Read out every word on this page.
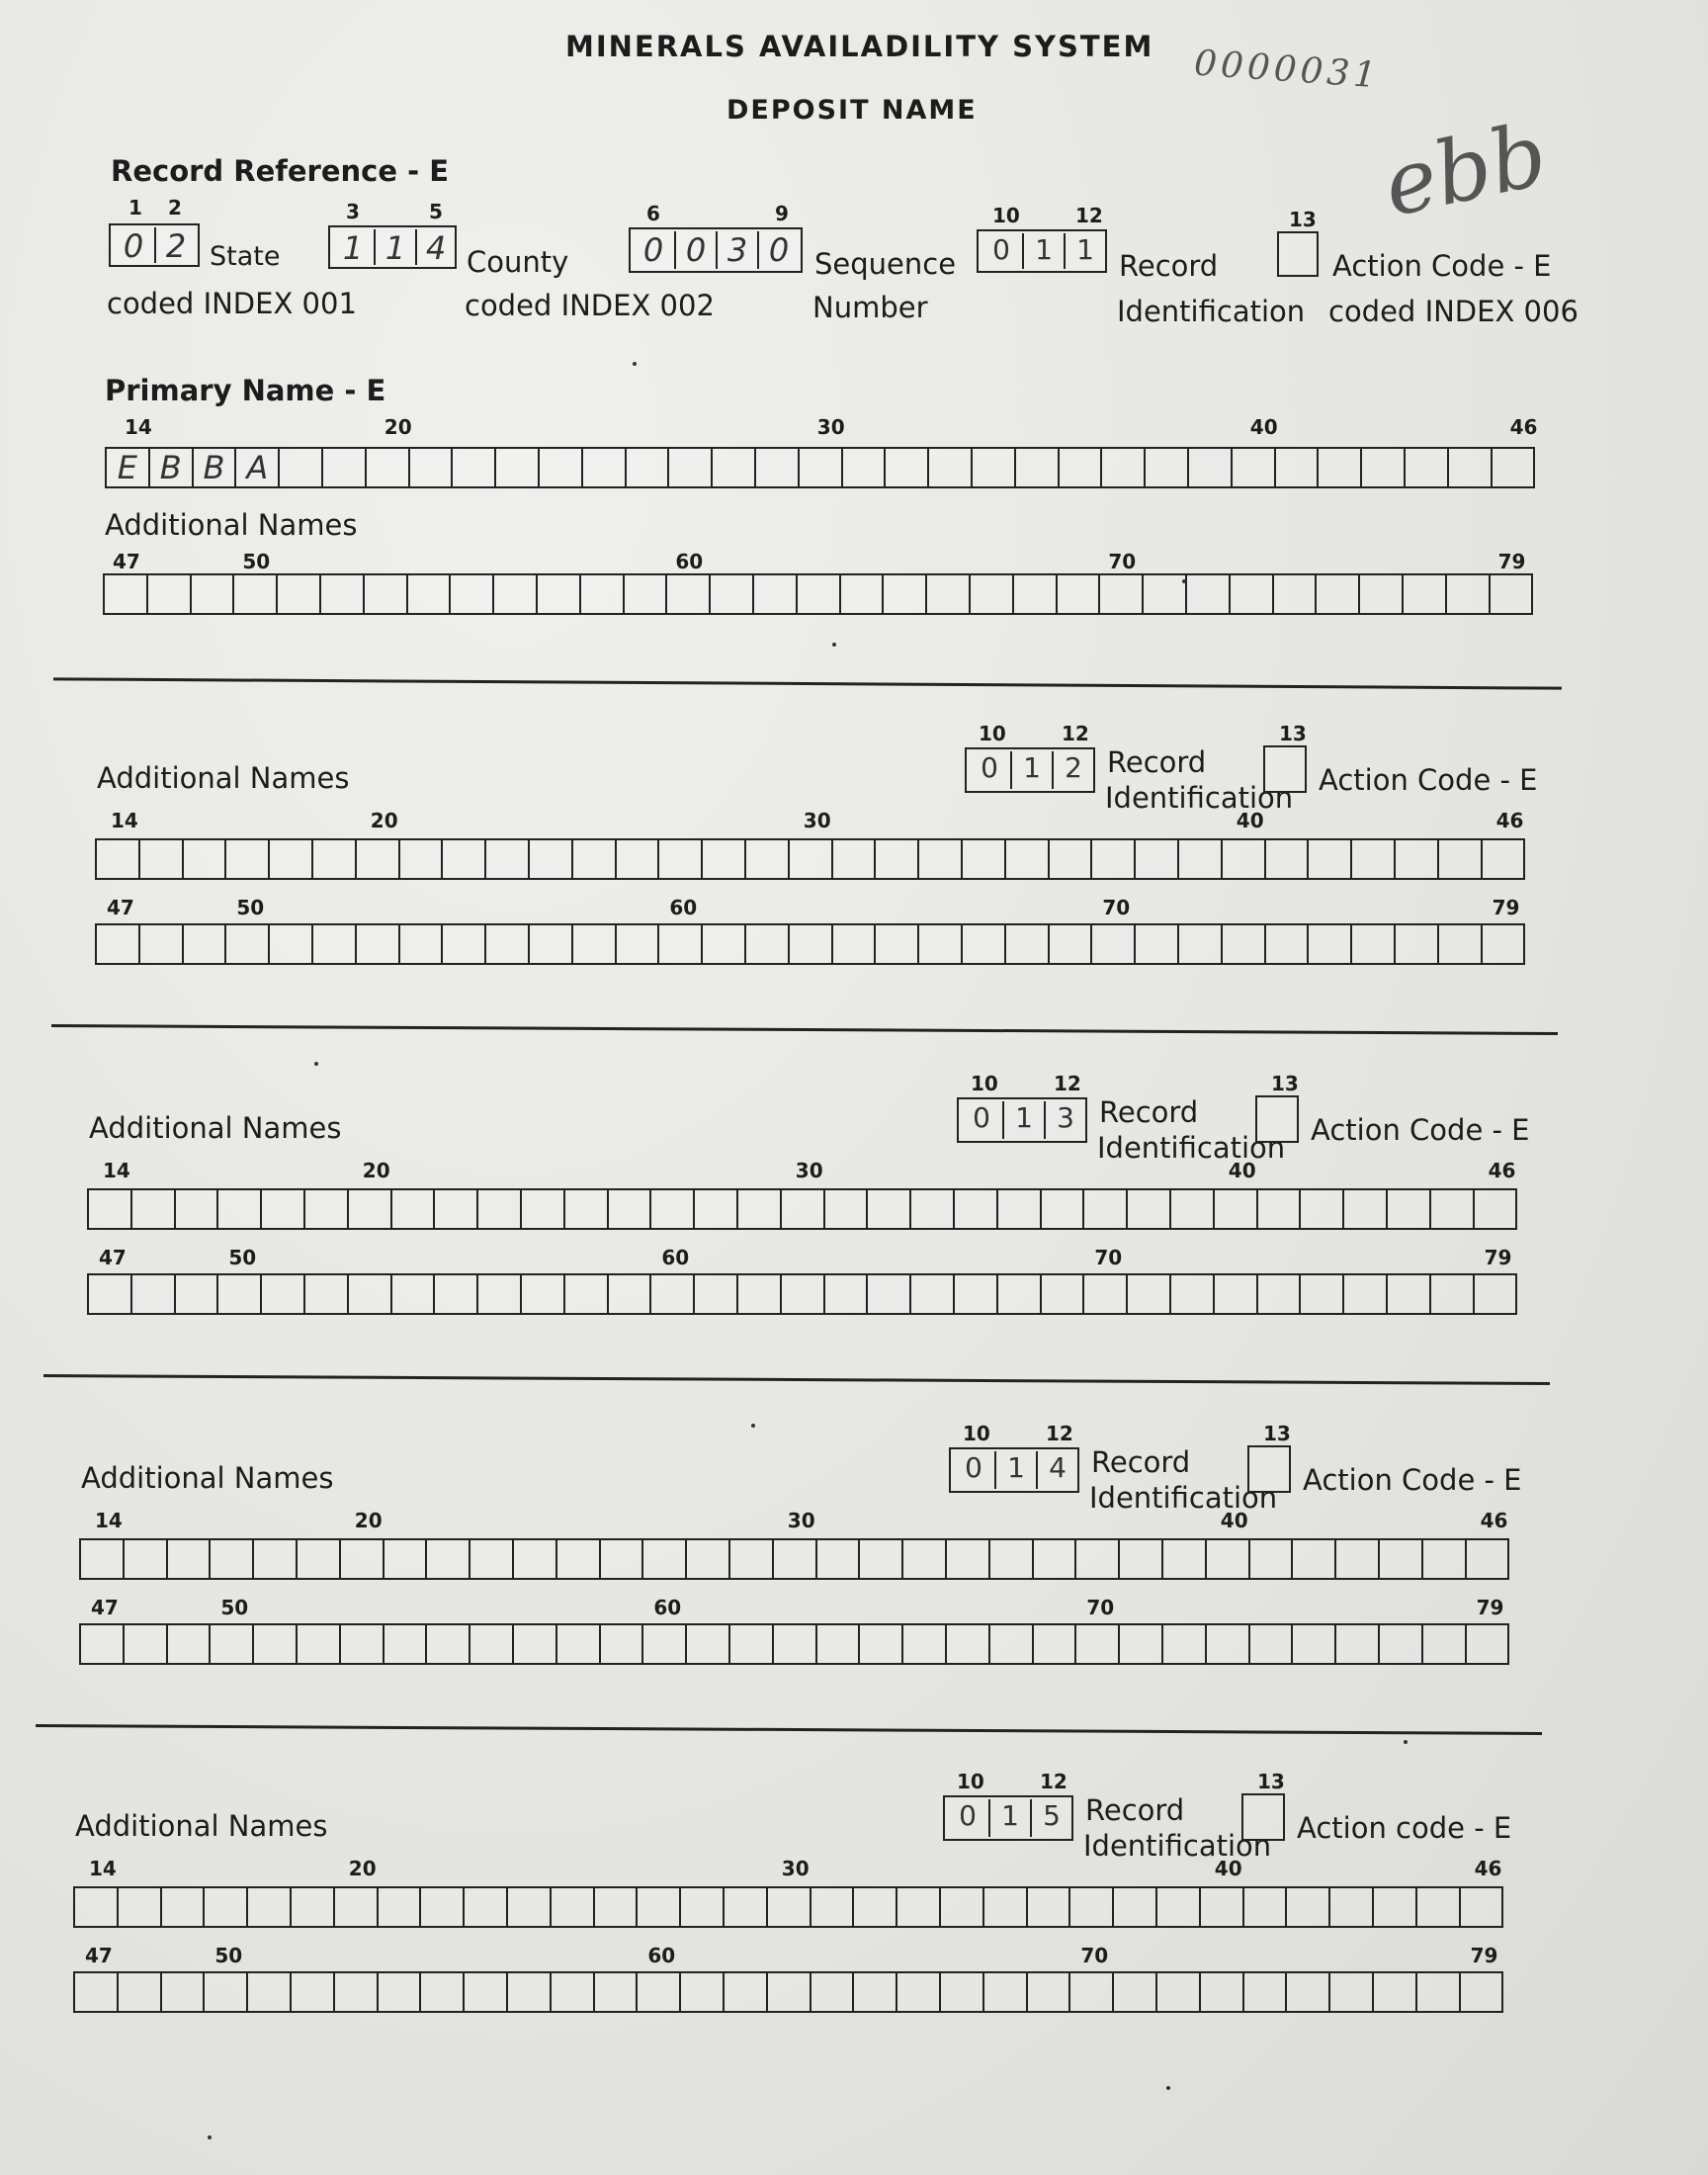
MINERALS AVAILADILITY SYSTEM
DEPOSIT NAME
0000031
ebb
Record Reference - E
1 2
0 2 State
coded INDEX 001
3	5
1 1 4 County
coded INDEX 002
6	9
0 0 3 0 Sequence
Number
10	12
0 1 1 Record
Identification
13
Action Code - E
coded INDEX 006
Primary Name - E
14	20	30	40	46
E B B A
Additional Names
47	50	60	70	79
Additional Names
10	12
0 1 2 Record
Identification
13
Action Code - E
14	20	30	40	46
47	50	60	70	79
Additional Names
10	12
0 1 3 Record
Identification
13
Action Code - E
14	20	30	40	46
47	50	60	70	79
Additional Names
10	12
0 1 4 Record
Identification
13
Action Code - E
14	20	30	40	46
47	50	60	70	79
Additional Names
10	12
0 1 5 Record
Identification
13
Action code - E
14	20	30	40	46
47	50	60	70	79
